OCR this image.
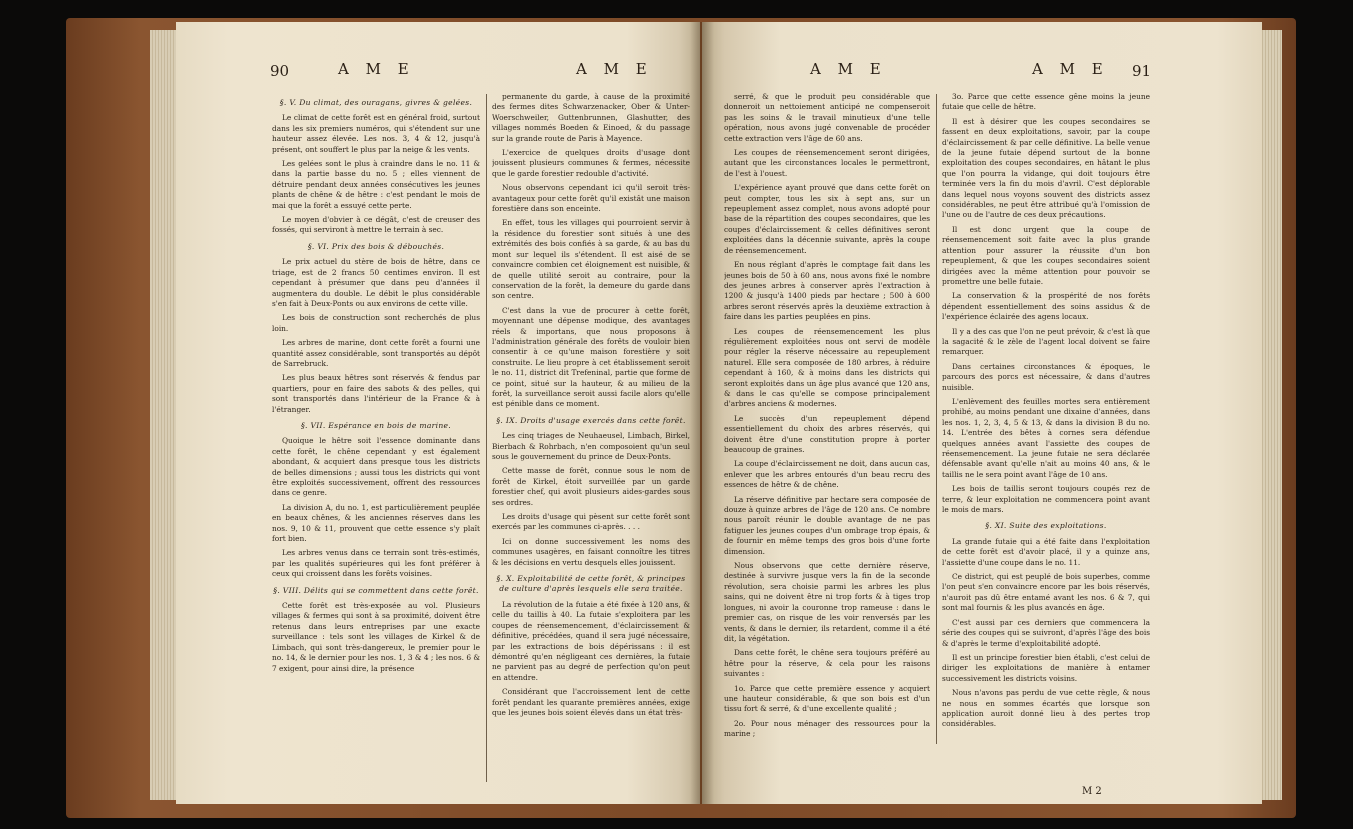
90	A M E	A M E
§. V. Du climat, des ouragans, givres & gelées.

Le climat de cette forêt est en général froid, surtout dans les six premiers numéros, qui s'étendent sur une hauteur assez élevée. Les nos. 3, 4 & 12, jusqu'à présent, ont souffert le plus par la neige & les vents.

Les gelées sont le plus à craindre dans le no. 11 & dans la partie basse du no. 5 ; elles viennent de détruire pendant deux années consécutives les jeunes plants de chêne & de hêtre : c'est pendant le mois de mai que la forêt a essuyé cette perte.

Le moyen d'obvier à ce dégât, c'est de creuser des fossés, qui serviront à mettre le terrain à sec.

§. VI. Prix des bois & débouchés.

Le prix actuel du stère de bois de hêtre, dans ce triage, est de 2 francs 50 centimes environ. Il est cependant à présumer que dans peu d'années il augmentera du double. Le débit le plus considérable s'en fait à Deux-Ponts ou aux environs de cette ville.

Les bois de construction sont recherchés de plus loin.

Les arbres de marine, dont cette forêt a fourni une quantité assez considérable, sont transportés au dépôt de Sarrebruck.

Les plus beaux hêtres sont réservés & fendus par quartiers, pour en faire des sabots & des pelles, qui sont transportés dans l'intérieur de la France & à l'étranger.

§. VII. Espérance en bois de marine.

Quoique le hêtre soit l'essence dominante dans cette forêt, le chêne cependant y est également abondant, & acquiert dans presque tous les districts de belles dimensions ; aussi tous les districts qui vont être exploités successivement, offrent des ressources dans ce genre.

La division A, du no. 1, est particulièrement peuplée en beaux chênes, & les anciennes réserves dans les nos. 9, 10 & 11, prouvent que cette essence s'y plaît fort bien.

Les arbres venus dans ce terrain sont très-estimés, par les qualités supérieures qui les font préférer à ceux qui croissent dans les forêts voisines.

§. VIII. Délits qui se commettent dans cette forêt.

Cette forêt est très-exposée au vol. Plusieurs villages & fermes qui sont à sa proximité, doivent être retenus dans leurs entreprises par une exacte surveillance : tels sont les villages de Kirkel & de Limbach, qui sont très-dangereux, le premier pour le no. 14, & le dernier pour les nos. 1, 3 & 4 ; les nos. 6 & 7 exigent, pour ainsi dire, la présence

permanente du garde, à cause de la proximité des fermes dites Schwarzenacker, Ober & Unter-Woerschweiler, Guttenbrunnen, Glashutter, des villages nommés Boeden & Einoed, & du passage sur la grande route de Paris à Mayence.

L'exercice de quelques droits d'usage dont jouissent plusieurs communes & fermes, nécessite que le garde forestier redouble d'activité.

Nous observons cependant ici qu'il seroit très-avantageux pour cette forêt qu'il existât une maison forestière dans son enceinte.

En effet, tous les villages qui pourroient servir à la résidence du forestier sont situés à une des extrémités des bois confiés à sa garde, & au bas du mont sur lequel ils s'étendent. Il est aisé de se convaincre combien cet éloignement est nuisible, & de quelle utilité seroit au contraire, pour la conservation de la forêt, la demeure du garde dans son centre.

C'est dans la vue de procurer à cette forêt, moyennant une dépense modique, des avantages réels & importans, que nous proposons à l'administration générale des forêts de vouloir bien consentir à ce qu'une maison forestière y soit construite. Le lieu propre à cet établissement seroit le no. 11, district dit Trefeninal, partie que forme de ce point, situé sur la hauteur, & au milieu de la forêt, la surveillance seroit aussi facile alors qu'elle est pénible dans ce moment.

§. IX. Droits d'usage exercés dans cette forêt.

Les cinq triages de Neuhaeusel, Limbach, Birkel, Bierbach & Rohrbach, n'en composoient qu'un seul sous le gouvernement du prince de Deux-Ponts.

Cette masse de forêt, connue sous le nom de forêt de Kirkel, étoit surveillée par un garde forestier chef, qui avoit plusieurs aides-gardes sous ses ordres.

Les droits d'usage qui pèsent sur cette forêt sont exercés par les communes ci-après. . . .

Ici on donne successivement les noms des communes usagères, en faisant connoître les titres & les décisions en vertu desquels elles jouissent.

§. X. Exploitabilité de cette forêt, & principes de culture d'après lesquels elle sera traitée.

La révolution de la futaie a été fixée à 120 ans, & celle du taillis à 40. La futaie s'exploitera par les coupes de réensemencement, d'éclaircissement & définitive, précédées, quand il sera jugé nécessaire, par les extractions de bois dépérissans : il est démontré qu'en négligeant ces dernières, la futaie ne parvient pas au degré de perfection qu'on peut en attendre.

Considérant que l'accroissement lent de cette forêt pendant les quarante premières années, exige que les jeunes bois soient élevés dans un état très-

A M E	A M E 91

serré, & que le produit peu considérable que donneroit un nettoiement anticipé ne compenseroit pas les soins & le travail minutieux d'une telle opération, nous avons jugé convenable de procéder cette extraction vers l'âge de 60 ans.

Les coupes de réensemencement seront dirigées, autant que les circonstances locales le permettront, de l'est à l'ouest.

L'expérience ayant prouvé que dans cette forêt on peut compter, tous les six à sept ans, sur un repeuplement assez complet, nous avons adopté pour base de la répartition des coupes secondaires, que les coupes d'éclaircissement & celles définitives seront exploitées dans la décennie suivante, après la coupe de réensemencement.

En nous réglant d'après le comptage fait dans les jeunes bois de 50 à 60 ans, nous avons fixé le nombre des jeunes arbres à conserver après l'extraction à 1200 & jusqu'à 1400 pieds par hectare ; 500 à 600 arbres seront réservés après la deuxième extraction à faire dans les parties peuplées en pins.

Les coupes de réensemencement les plus régulièrement exploitées nous ont servi de modèle pour régler la réserve nécessaire au repeuplement naturel. Elle sera composée de 180 arbres, à réduire cependant à 160, & à moins dans les districts qui seront exploités dans un âge plus avancé que 120 ans, & dans le cas qu'elle se compose principalement d'arbres anciens & modernes.

Le succès d'un repeuplement dépend essentiellement du choix des arbres réservés, qui doivent être d'une constitution propre à porter beaucoup de graines.

La coupe d'éclaircissement ne doit, dans aucun cas, enlever que les arbres entourés d'un beau recru des essences de hêtre & de chêne.

La réserve définitive par hectare sera composée de douze à quinze arbres de l'âge de 120 ans. Ce nombre nous paroît réunir le double avantage de ne pas fatiguer les jeunes coupes d'un ombrage trop épais, & de fournir en même temps des gros bois d'une forte dimension.

Nous observons que cette dernière réserve, destinée à survivre jusque vers la fin de la seconde révolution, sera choisie parmi les arbres les plus sains, qui ne doivent être ni trop forts & à tiges trop longues, ni avoir la couronne trop rameuse : dans le premier cas, on risque de les voir renversés par les vents, & dans le dernier, ils retardent, comme il a été dit, la végétation.

Dans cette forêt, le chêne sera toujours préféré au hêtre pour la réserve, & cela pour les raisons suivantes :

1o. Parce que cette première essence y acquiert une hauteur considérable, & que son bois est d'un tissu fort & serré, & d'une excellente qualité ;

2o. Pour nous ménager des ressources pour la marine ;

3o. Parce que cette essence gêne moins la jeune futaie que celle de hêtre.

Il est à désirer que les coupes secondaires se fassent en deux exploitations, savoir, par la coupe d'éclaircissement & par celle définitive. La belle venue de la jeune futaie dépend surtout de la bonne exploitation des coupes secondaires, en hâtant le plus que l'on pourra la vidange, qui doit toujours être terminée vers la fin du mois d'avril. C'est déplorable dans lequel nous voyons souvent des districts assez considérables, ne peut être attribué qu'à l'omission de l'une ou de l'autre de ces deux précautions.

Il est donc urgent que la coupe de réensemencement soit faite avec la plus grande attention pour assurer la réussite d'un bon repeuplement, & que les coupes secondaires soient dirigées avec la même attention pour pouvoir se promettre une belle futaie.

La conservation & la prospérité de nos forêts dépendent essentiellement des soins assidus & de l'expérience éclairée des agens locaux.

Il y a des cas que l'on ne peut prévoir, & c'est là que la sagacité & le zèle de l'agent local doivent se faire remarquer.

Dans certaines circonstances & époques, le parcours des porcs est nécessaire, & dans d'autres nuisible.

L'enlèvement des feuilles mortes sera entièrement prohibé, au moins pendant une dixaine d'années, dans les nos. 1, 2, 3, 4, 5 & 13, & dans la division B du no. 14. L'entrée des bêtes à cornes sera défendue quelques années avant l'assiette des coupes de réensemencement. La jeune futaie ne sera déclarée défensable avant qu'elle n'ait au moins 40 ans, & le taillis ne le sera point avant l'âge de 10 ans.

Les bois de taillis seront toujours coupés rez de terre, & leur exploitation ne commencera point avant le mois de mars.

§. XI. Suite des exploitations.

La grande futaie qui a été faite dans l'exploitation de cette forêt est d'avoir placé, il y a quinze ans, l'assiette d'une coupe dans le no. 11.

Ce district, qui est peuplé de bois superbes, comme l'on peut s'en convaincre encore par les bois réservés, n'auroit pas dû être entamé avant les nos. 6 & 7, qui sont mal fournis & les plus avancés en âge.

C'est aussi par ces derniers que commencera la série des coupes qui se suivront, d'après l'âge des bois & d'après le terme d'exploitabilité adopté.

Il est un principe forestier bien établi, c'est celui de diriger les exploitations de manière à entamer successivement les districts voisins.

Nous n'avons pas perdu de vue cette règle, & nous ne nous en sommes écartés que lorsque son application auroit donné lieu à des pertes trop considérables.

M 2
